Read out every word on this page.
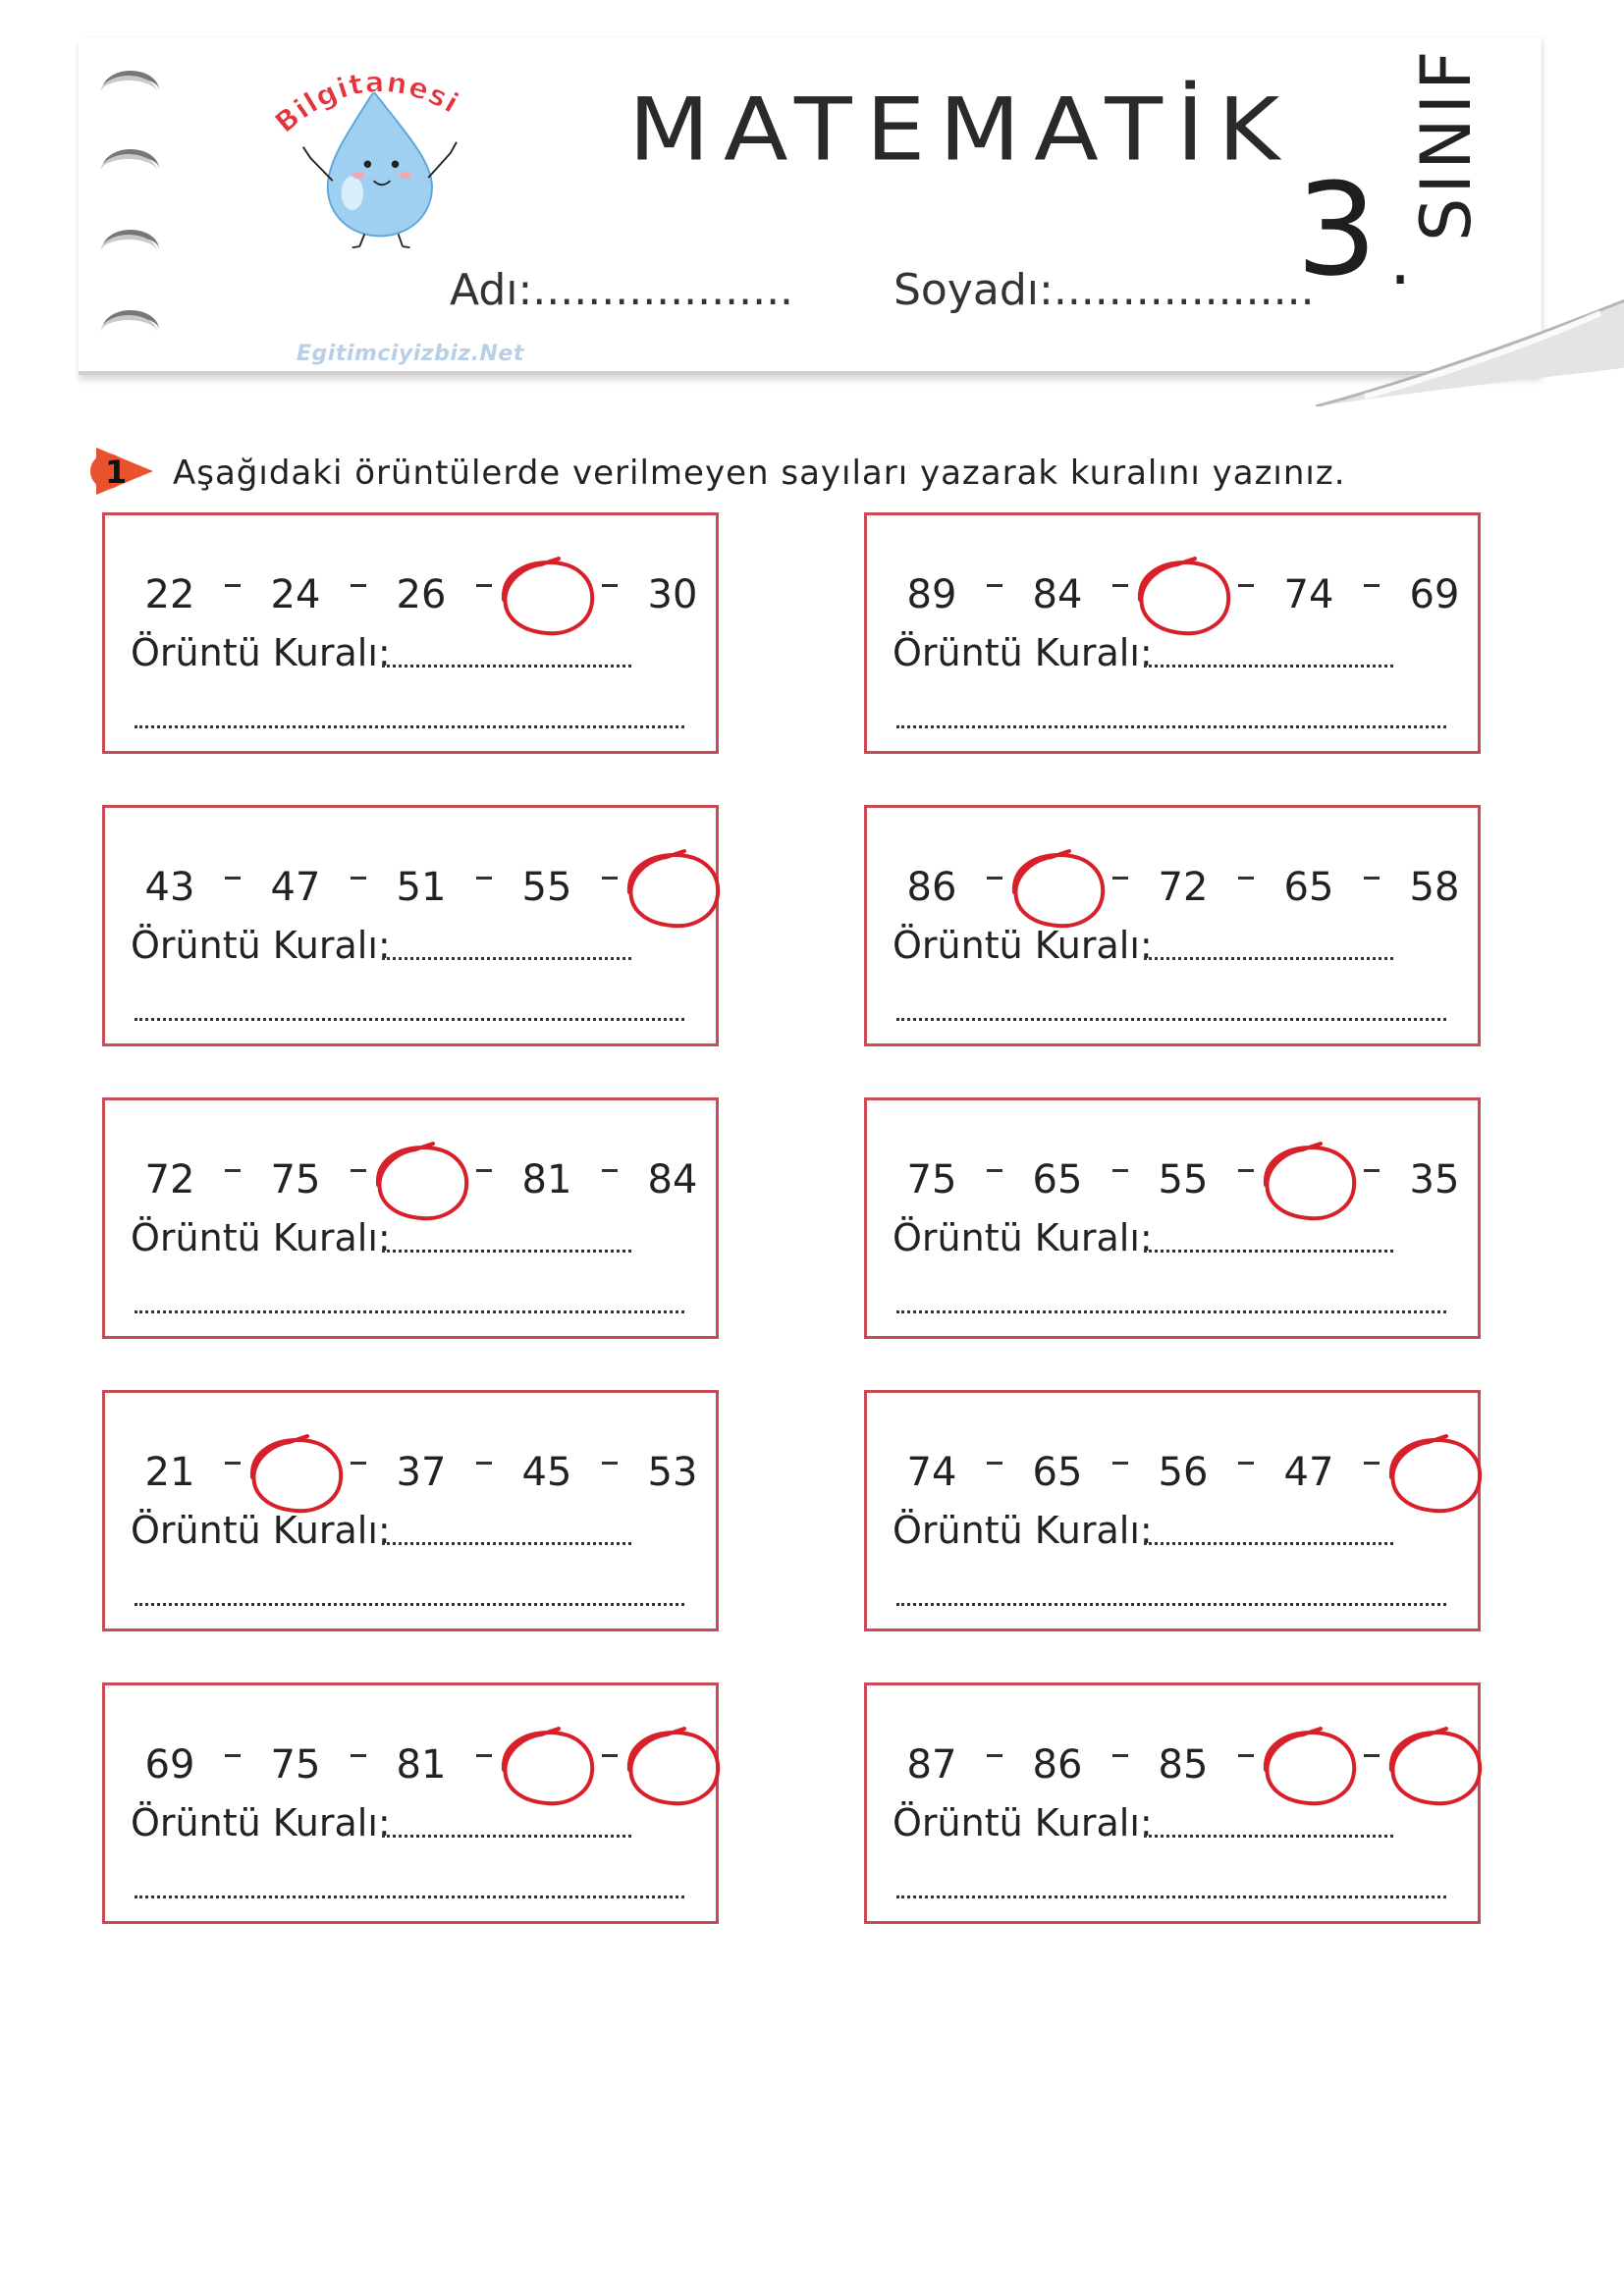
Bilgitanesi
Egitimciyizbiz.Net
MATEMATİK
3 .
SINIF
Adı:................... Soyadı:...................
1 Aşağıdaki örüntülerde verilmeyen sayıları yazarak kuralını yazınız.
22 24 26	30
Örüntü Kuralı:
89 84	74 69
Örüntü Kuralı:
43 47 51 55
Örüntü Kuralı:
86	72 65 58
Örüntü Kuralı:
72 75	81 84
Örüntü Kuralı:
75 65 55	35
Örüntü Kuralı:
21	37 45 53
Örüntü Kuralı:
74 65 56 47
Örüntü Kuralı:
69 75 81
Örüntü Kuralı:
87 86 85
Örüntü Kuralı:
